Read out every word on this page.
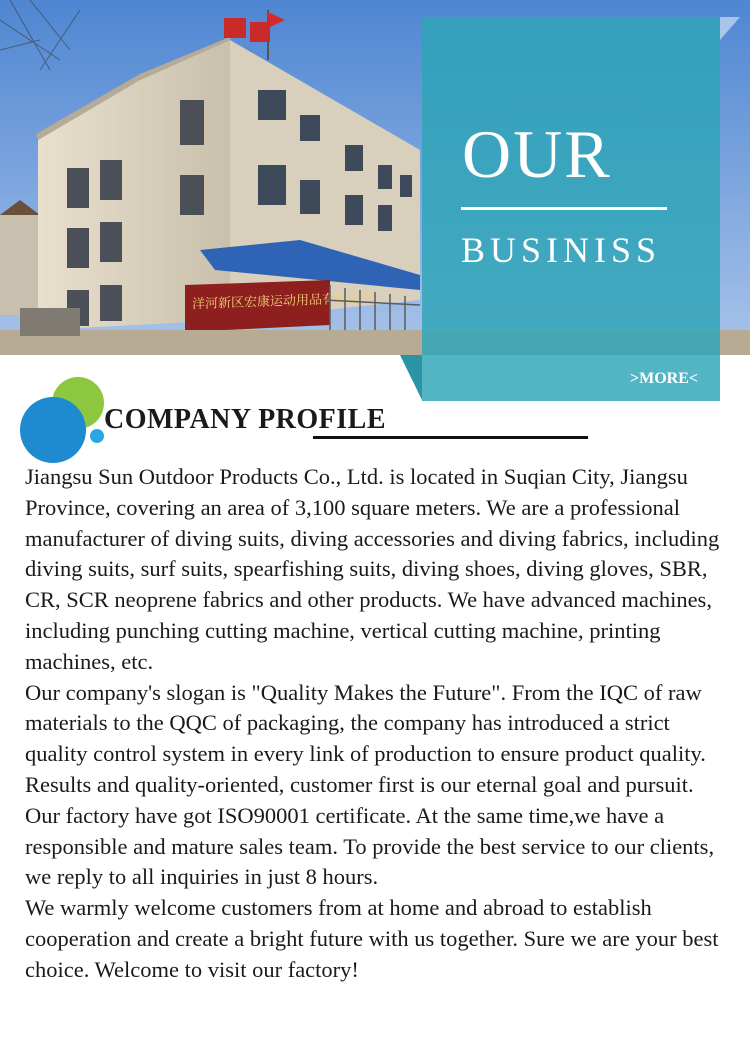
洋河新区宏康运动用品有限公司
OUR
BUSINISS
>MORE<
COMPANY PROFILE

Jiangsu Sun Outdoor Products Co., Ltd. is located in Suqian City, Jiangsu Province, covering an area of 3,100 square meters. We are a professional manufacturer of diving suits, diving accessories and diving fabrics, including diving suits, surf suits, spearfishing suits, diving shoes, diving gloves, SBR, CR, SCR neoprene fabrics and other products. We have advanced machines, including punching cutting machine, vertical cutting machine, printing machines, etc.

Our company's slogan is "Quality Makes the Future". From the IQC of raw materials to the QQC of packaging, the company has introduced a strict quality control system in every link of production to ensure product quality. Results and quality-oriented, customer first is our eternal goal and pursuit.

Our factory have got ISO90001 certificate. At the same time,we have a responsible and mature sales team. To provide the best service to our clients, we reply to all inquiries in just 8 hours.

We warmly welcome customers from at home and abroad to establish cooperation and create a bright future with us together. Sure we are your best choice. Welcome to visit our factory!
